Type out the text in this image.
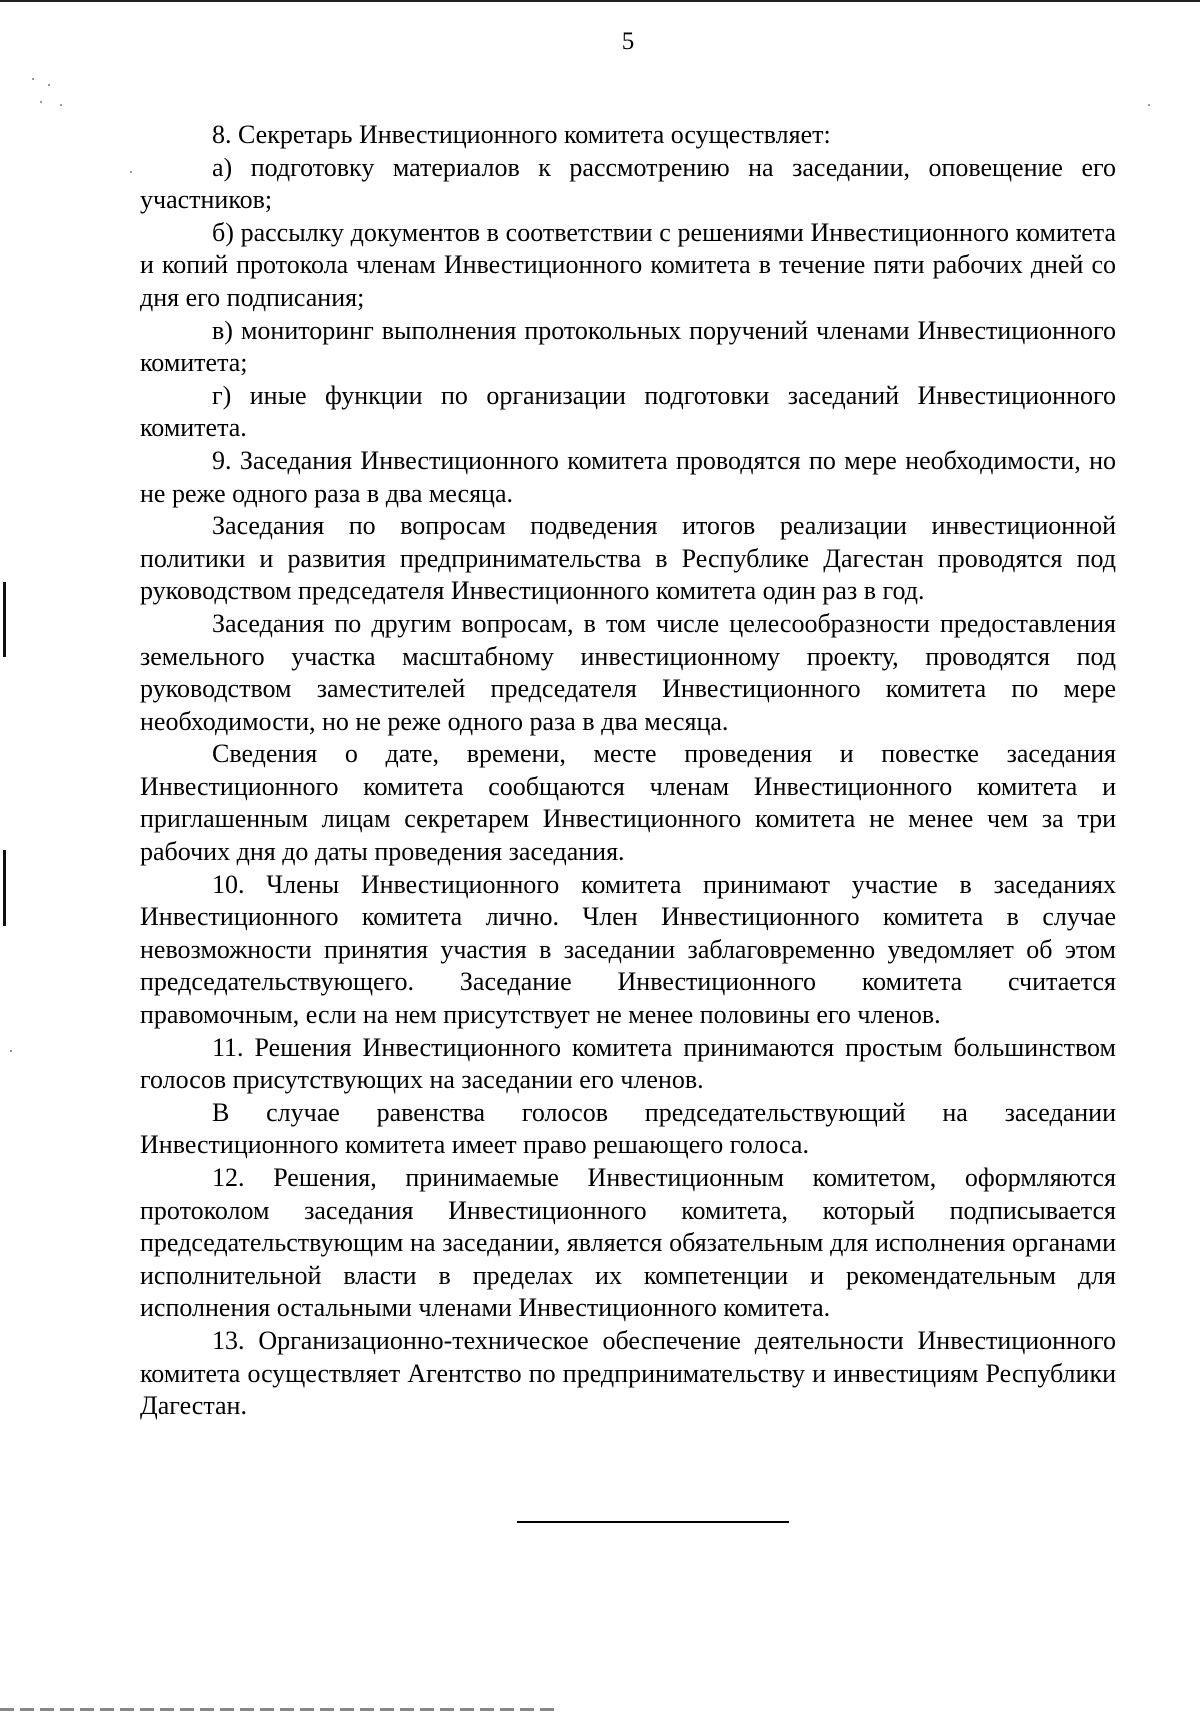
5

8. Секретарь Инвестиционного комитета осуществляет:

а) подготовку материалов к рассмотрению на заседании, оповещение его участников;

б) рассылку документов в соответствии с решениями Инвестиционного комитета и копий протокола членам Инвестиционного комитета в течение пяти рабочих дней со дня его подписания;

в) мониторинг выполнения протокольных поручений членами Инвестиционного комитета;

г) иные функции по организации подготовки заседаний Инвестиционного комитета.

9. Заседания Инвестиционного комитета проводятся по мере необходимости, но не реже одного раза в два месяца.

Заседания по вопросам подведения итогов реализации инвестиционной политики и развития предпринимательства в Республике Дагестан проводятся под руководством председателя Инвестиционного комитета один раз в год.

Заседания по другим вопросам, в том числе целесообразности предоставления земельного участка масштабному инвестиционному проекту, проводятся под руководством заместителей председателя Инвестиционного комитета по мере необходимости, но не реже одного раза в два месяца.

Сведения о дате, времени, месте проведения и повестке заседания Инвестиционного комитета сообщаются членам Инвестиционного комитета и приглашенным лицам секретарем Инвестиционного комитета не менее чем за три рабочих дня до даты проведения заседания.

10. Члены Инвестиционного комитета принимают участие в заседаниях Инвестиционного комитета лично. Член Инвестиционного комитета в случае невозможности принятия участия в заседании заблаговременно уведомляет об этом председательствующего. Заседание Инвестиционного комитета считается правомочным, если на нем присутствует не менее половины его членов.

11. Решения Инвестиционного комитета принимаются простым большинством голосов присутствующих на заседании его членов.

В случае равенства голосов председательствующий на заседании Инвестиционного комитета имеет право решающего голоса.

12. Решения, принимаемые Инвестиционным комитетом, оформляются протоколом заседания Инвестиционного комитета, который подписывается председательствующим на заседании, является обязательным для исполнения органами исполнительной власти в пределах их компетенции и рекомендательным для исполнения остальными членами Инвестиционного комитета.

13. Организационно-техническое обеспечение деятельности Инвестиционного комитета осуществляет Агентство по предпринимательству и инвестициям Республики Дагестан.
